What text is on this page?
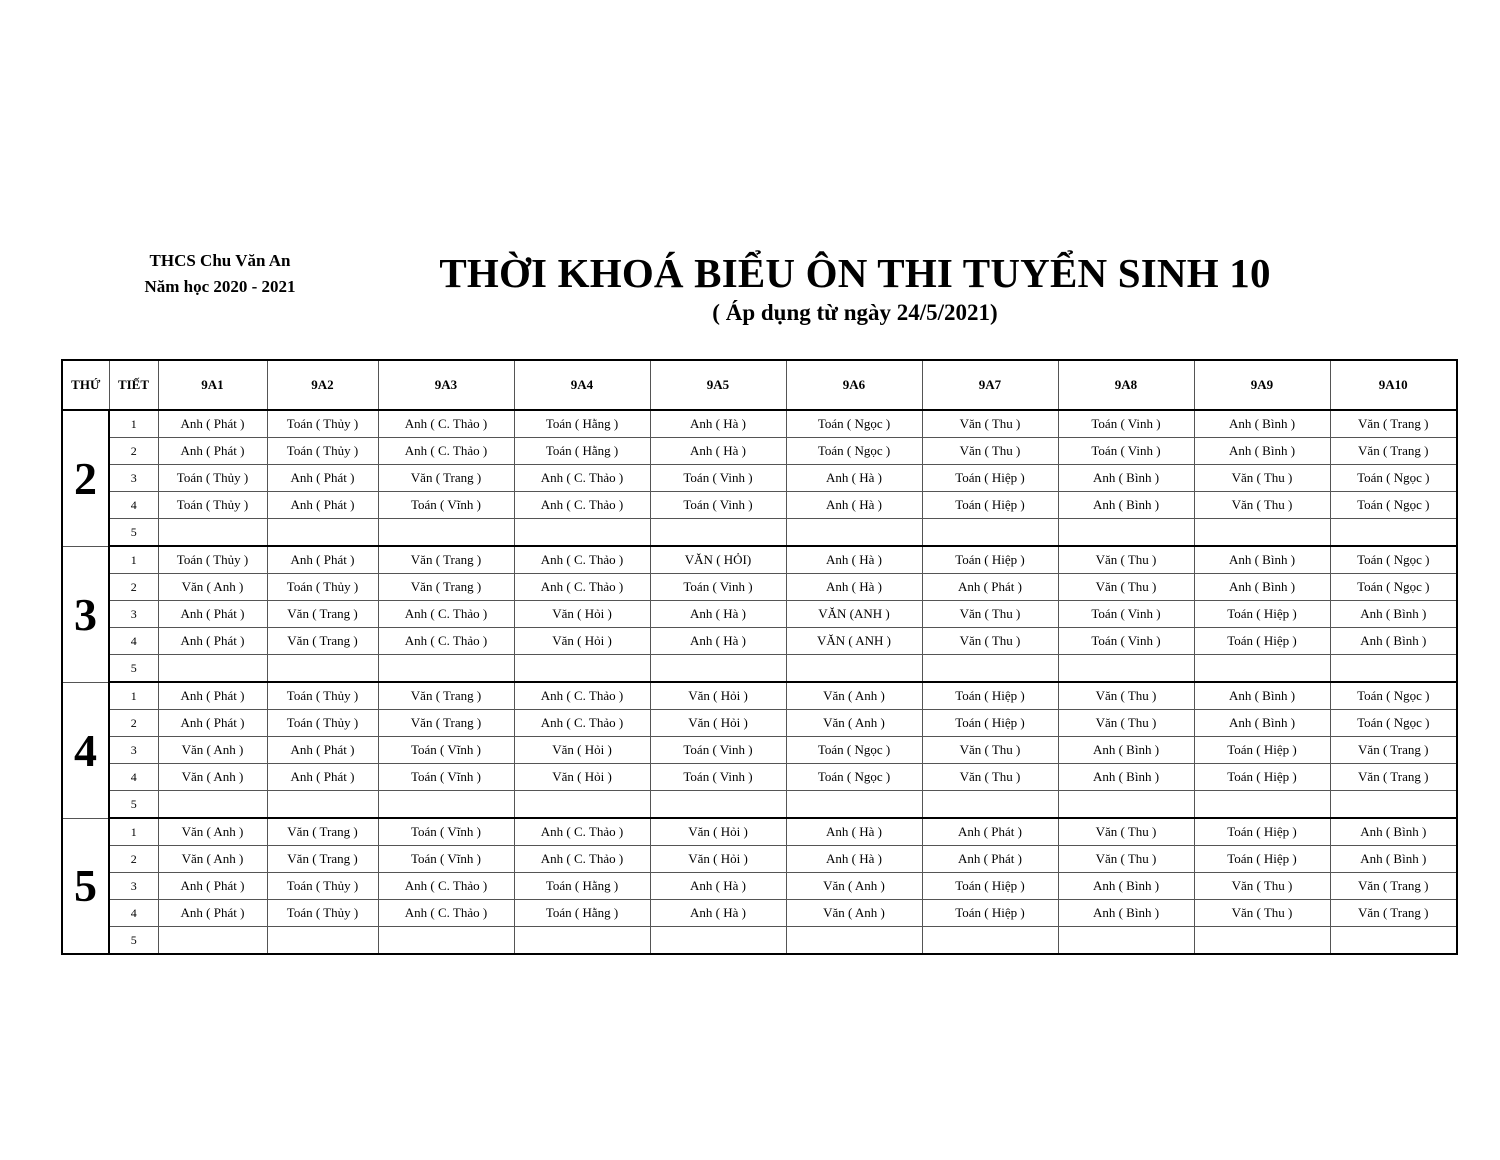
THCS Chu Văn An
Năm học 2020 - 2021	THỜI KHOÁ BIỂU ÔN THI TUYỂN SINH 10
( Áp dụng từ ngày 24/5/2021)
THỨ	TIẾT	9A1	9A2	9A3	9A4	9A5	9A6	9A7	9A8	9A9	9A10
2	1	Anh ( Phát )	Toán ( Thủy )	Anh ( C. Thảo )	Toán ( Hằng )	Anh ( Hà )	Toán ( Ngọc )	Văn ( Thu )	Toán ( Vinh )	Anh ( Bình )	Văn ( Trang )
	2	Anh ( Phát )	Toán ( Thủy )	Anh ( C. Thảo )	Toán ( Hằng )	Anh ( Hà )	Toán ( Ngọc )	Văn ( Thu )	Toán ( Vinh )	Anh ( Bình )	Văn ( Trang )
	3	Toán ( Thủy )	Anh ( Phát )	Văn ( Trang )	Anh ( C. Thảo )	Toán ( Vinh )	Anh ( Hà )	Toán ( Hiệp )	Anh ( Bình )	Văn ( Thu )	Toán ( Ngọc )
	4	Toán ( Thủy )	Anh ( Phát )	Toán ( Vĩnh )	Anh ( C. Thảo )	Toán ( Vinh )	Anh ( Hà )	Toán ( Hiệp )	Anh ( Bình )	Văn ( Thu )	Toán ( Ngọc )
	5										
3	1	Toán ( Thủy )	Anh ( Phát )	Văn ( Trang )	Anh ( C. Thảo )	VĂN ( HỎI)	Anh ( Hà )	Toán ( Hiệp )	Văn ( Thu )	Anh ( Bình )	Toán ( Ngọc )
	2	Văn ( Anh )	Toán ( Thủy )	Văn ( Trang )	Anh ( C. Thảo )	Toán ( Vinh )	Anh ( Hà )	Anh ( Phát )	Văn ( Thu )	Anh ( Bình )	Toán ( Ngọc )
	3	Anh ( Phát )	Văn ( Trang )	Anh ( C. Thảo )	Văn ( Hỏi )	Anh ( Hà )	VĂN (ANH )	Văn ( Thu )	Toán ( Vinh )	Toán ( Hiệp )	Anh ( Bình )
	4	Anh ( Phát )	Văn ( Trang )	Anh ( C. Thảo )	Văn ( Hỏi )	Anh ( Hà )	VĂN ( ANH )	Văn ( Thu )	Toán ( Vinh )	Toán ( Hiệp )	Anh ( Bình )
	5										
4	1	Anh ( Phát )	Toán ( Thủy )	Văn ( Trang )	Anh ( C. Thảo )	Văn ( Hỏi )	Văn ( Anh )	Toán ( Hiệp )	Văn ( Thu )	Anh ( Bình )	Toán ( Ngọc )
	2	Anh ( Phát )	Toán ( Thủy )	Văn ( Trang )	Anh ( C. Thảo )	Văn ( Hỏi )	Văn ( Anh )	Toán ( Hiệp )	Văn ( Thu )	Anh ( Bình )	Toán ( Ngọc )
	3	Văn ( Anh )	Anh ( Phát )	Toán ( Vĩnh )	Văn ( Hỏi )	Toán ( Vinh )	Toán ( Ngọc )	Văn ( Thu )	Anh ( Bình )	Toán ( Hiệp )	Văn ( Trang )
	4	Văn ( Anh )	Anh ( Phát )	Toán ( Vĩnh )	Văn ( Hỏi )	Toán ( Vinh )	Toán ( Ngọc )	Văn ( Thu )	Anh ( Bình )	Toán ( Hiệp )	Văn ( Trang )
	5										
5	1	Văn ( Anh )	Văn ( Trang )	Toán ( Vĩnh )	Anh ( C. Thảo )	Văn ( Hỏi )	Anh ( Hà )	Anh ( Phát )	Văn ( Thu )	Toán ( Hiệp )	Anh ( Bình )
	2	Văn ( Anh )	Văn ( Trang )	Toán ( Vĩnh )	Anh ( C. Thảo )	Văn ( Hỏi )	Anh ( Hà )	Anh ( Phát )	Văn ( Thu )	Toán ( Hiệp )	Anh ( Bình )
	3	Anh ( Phát )	Toán ( Thủy )	Anh ( C. Thảo )	Toán ( Hằng )	Anh ( Hà )	Văn ( Anh )	Toán ( Hiệp )	Anh ( Bình )	Văn ( Thu )	Văn ( Trang )
	4	Anh ( Phát )	Toán ( Thủy )	Anh ( C. Thảo )	Toán ( Hằng )	Anh ( Hà )	Văn ( Anh )	Toán ( Hiệp )	Anh ( Bình )	Văn ( Thu )	Văn ( Trang )
	5										
